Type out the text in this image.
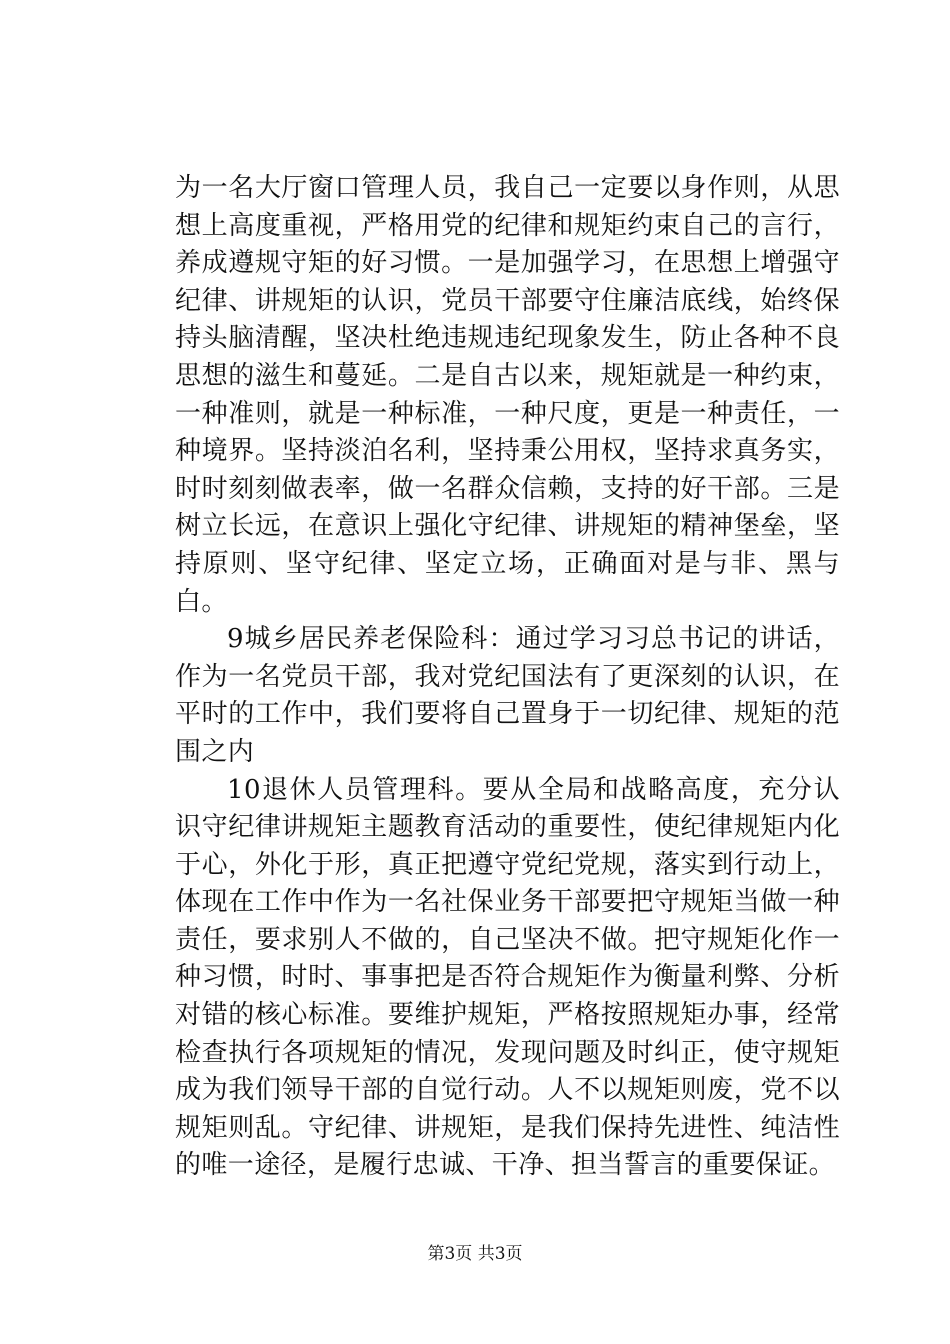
为一名大厅窗口管理人员，我自己一定要以身作则，从思想上高度重视，严格用党的纪律和规矩约束自己的言行，养成遵规守矩的好习惯。一是加强学习，在思想上增强守纪律、讲规矩的认识，党员干部要守住廉洁底线，始终保持头脑清醒，坚决杜绝违规违纪现象发生，防止各种不良思想的滋生和蔓延。二是自古以来，规矩就是一种约束，一种准则，就是一种标准，一种尺度，更是一种责任，一种境界。坚持淡泊名利，坚持秉公用权，坚持求真务实，时时刻刻做表率，做一名群众信赖，支持的好干部。三是树立长远，在意识上强化守纪律、讲规矩的精神堡垒，坚持原则、坚守纪律、坚定立场，正确面对是与非、黑与白。

9城乡居民养老保险科：通过学习习总书记的讲话，作为一名党员干部，我对党纪国法有了更深刻的认识，在平时的工作中，我们要将自己置身于一切纪律、规矩的范围之内

10退休人员管理科。要从全局和战略高度，充分认识守纪律讲规矩主题教育活动的重要性，使纪律规矩内化于心，外化于形，真正把遵守党纪党规，落实到行动上，体现在工作中作为一名社保业务干部要把守规矩当做一种责任，要求别人不做的，自己坚决不做。把守规矩化作一种习惯，时时、事事把是否符合规矩作为衡量利弊、分析对错的核心标准。要维护规矩，严格按照规矩办事，经常检查执行各项规矩的情况，发现问题及时纠正，使守规矩成为我们领导干部的自觉行动。人不以规矩则废，党不以规矩则乱。守纪律、讲规矩，是我们保持先进性、纯洁性的唯一途径，是履行忠诚、干净、担当誓言的重要保证。

第3页 共3页
